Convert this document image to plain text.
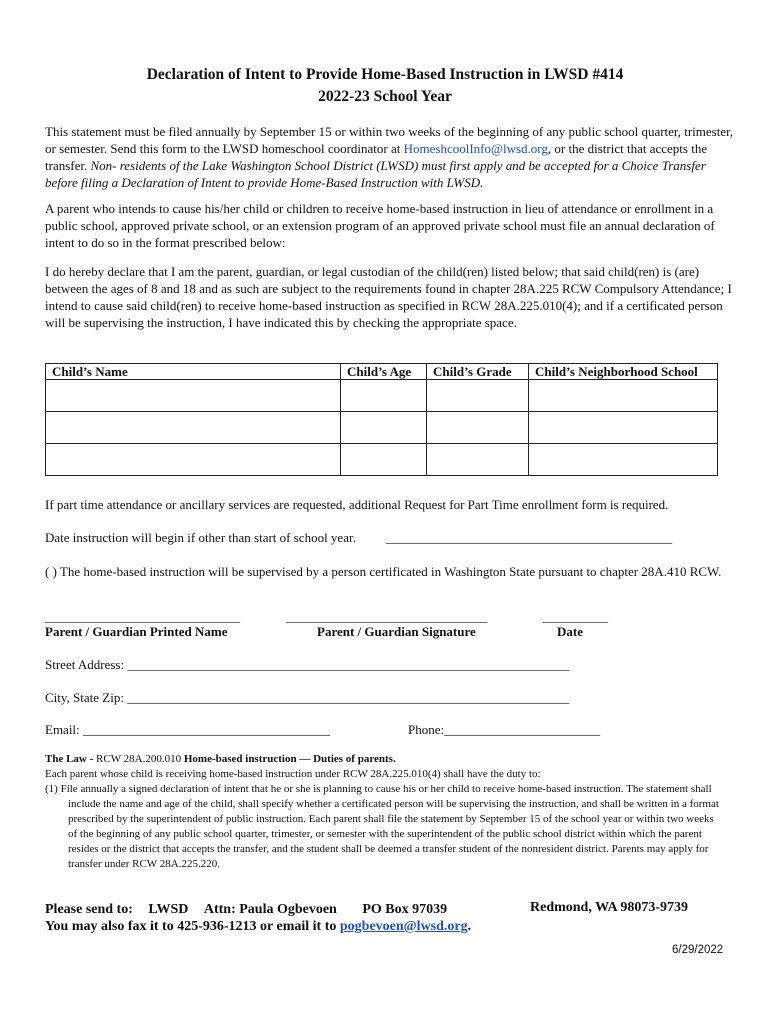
Declaration of Intent to Provide Home-Based Instruction in LWSD #414
2022-23 School Year

This statement must be filed annually by September 15 or within two weeks of the beginning of any public school quarter, trimester, or semester. Send this form to the LWSD homeschool coordinator at HomeshcoolInfo@lwsd.org, or the district that accepts the transfer. Non- residents of the Lake Washington School District (LWSD) must first apply and be accepted for a Choice Transfer before filing a Declaration of Intent to provide Home-Based Instruction with LWSD.

A parent who intends to cause his/her child or children to receive home-based instruction in lieu of attendance or enrollment in a public school, approved private school, or an extension program of an approved private school must file an annual declaration of intent to do so in the format prescribed below:

I do hereby declare that I am the parent, guardian, or legal custodian of the child(ren) listed below; that said child(ren) is (are) between the ages of 8 and 18 and as such are subject to the requirements found in chapter 28A.225 RCW Compulsory Attendance; I intend to cause said child(ren) to receive home-based instruction as specified in RCW 28A.225.010(4); and if a certificated person will be supervising the instruction, I have indicated this by checking the appropriate space.

Child’s Name	Child’s Age	Child’s Grade	Child’s Neighborhood School

If part time attendance or ancillary services are requested, additional Request for Part Time enrollment form is required.
Date instruction will begin if other than start of school year. ____________________________________________

( ) The home-based instruction will be supervised by a person certificated in Washington State pursuant to chapter 28A.410 RCW.

______________________________	_______________________________	__________
Parent / Guardian Printed Name	Parent / Guardian Signature	Date
Street Address: ____________________________________________________________________
City, State Zip: ____________________________________________________________________
Email: ______________________________________	Phone:________________________

The Law - RCW 28A.200.010 Home-based instruction — Duties of parents.

Each parent whose child is receiving home-based instruction under RCW 28A.225.010(4) shall have the duty to:

(1) File annually a signed declaration of intent that he or she is planning to cause his or her child to receive home-based instruction. The statement shall include the name and age of the child, shall specify whether a certificated person will be supervising the instruction, and shall be written in a format prescribed by the superintendent of public instruction. Each parent shall file the statement by September 15 of the school year or within two weeks of the beginning of any public school quarter, trimester, or semester with the superintendent of the public school district within which the parent resides or the district that accepts the transfer, and the student shall be deemed a transfer student of the nonresident district. Parents may apply for transfer under RCW 28A.225.220.

Please send to: LWSD Attn: Paula Ogbevoen PO Box 97039	Redmond, WA 98073-9739
You may also fax it to 425-936-1213 or email it to pogbevoen@lwsd.org.
6/29/2022
